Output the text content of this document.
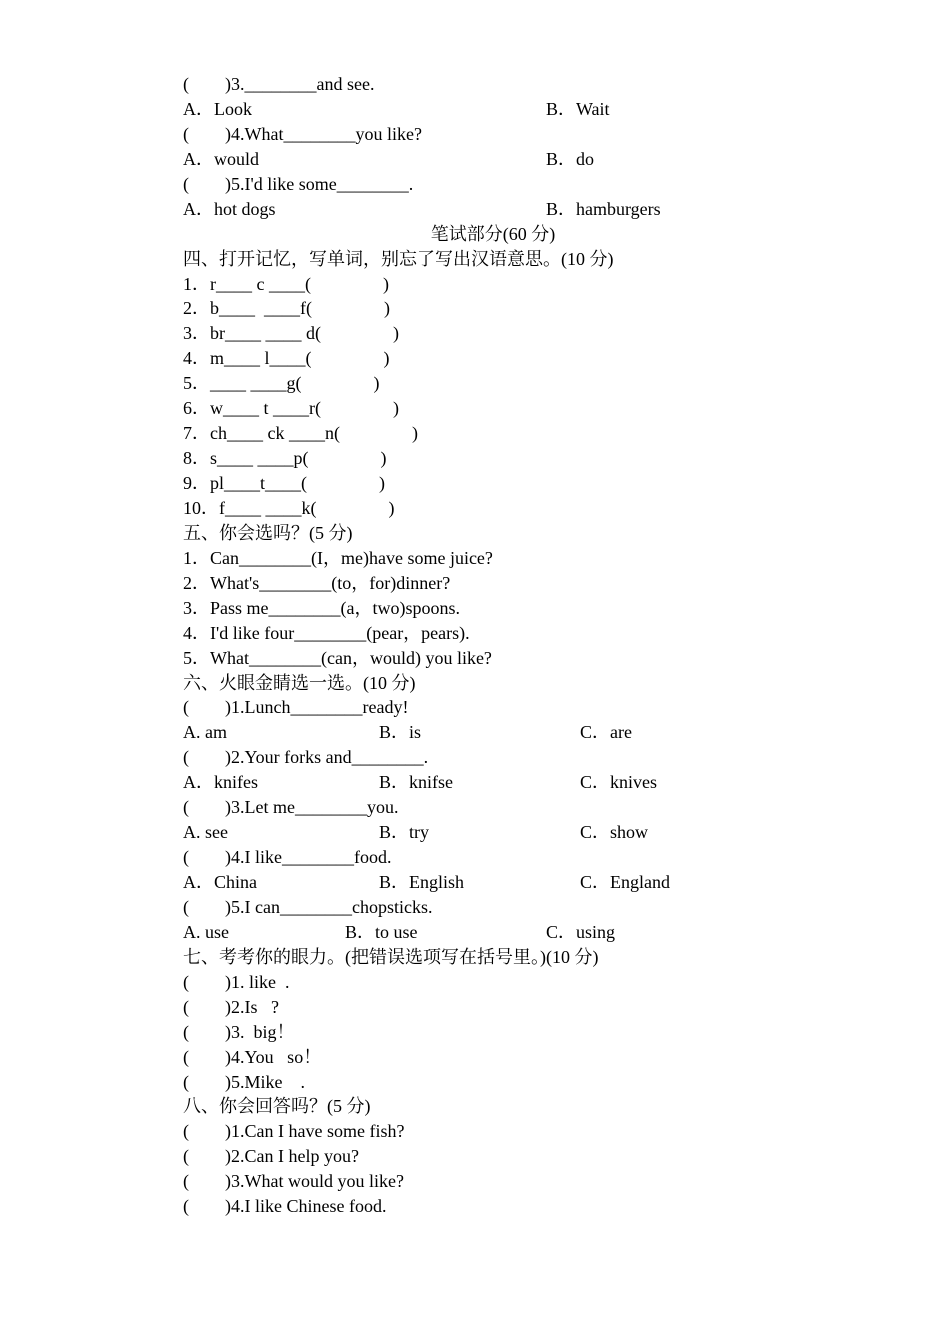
(        )3.________and see.

A．Look

	B．Wait

(        )4.What________you like?

A．would

	B．do

(        )5.I'd like some________.

A．hot dogs

	B．hamburgers

笔试部分(60 分)
四、打开记忆，写单词，别忘了写出汉语意思。(10 分)
1．r____ c ____(                )
2．b____  ____f(                )
3．br____ ____ d(                )
4．m____ l____(                )
5．____ ____g(                )
6．w____ t ____r(                )
7．ch____ ck ____n(                )
8．s____ ____p(                )
9．pl____t____(                )
10．f____ ____k(                )
五、你会选吗？(5 分)
1．Can________(I，me)have some juice?
2．What's________(to，for)dinner?
3．Pass me________(a，two)spoons.
4．I'd like four________(pear，pears).
5．What________(can，would) you like?
六、火眼金睛选一选。(10 分)
(        )1.Lunch________ready!

A. am

	B．is

	C．are

(        )2.Your forks and________.

A．knifes

	B．knifse

	C．knives

(        )3.Let me________you.

A. see

	B．try

	C．show

(        )4.I like________food.

A．China

	B．English

	C．England

(        )5.I can________chopsticks.

A. use

	B．to use

	C．using

七、考考你的眼力。(把错误选项写在括号里。)(10 分)
(        )1. like  .
(        )2.Is   ?
(        )3.  big！
(        )4.You   so！
(        )5.Mike    .
八、你会回答吗？(5 分)
(        )1.Can I have some fish?
(        )2.Can I help you?
(        )3.What would you like?
(        )4.I like Chinese food.
